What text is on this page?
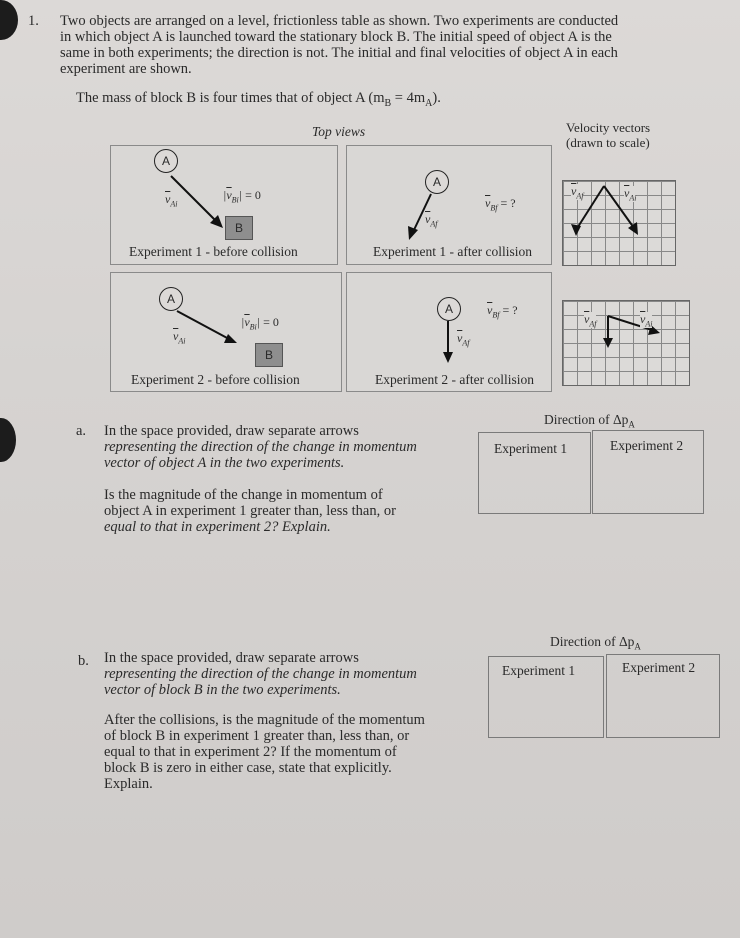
1. Two objects are arranged on a level, frictionless table as shown. Two experiments are conducted
in which object A is launched toward the stationary block B. The initial speed of object A is the
same in both experiments; the direction is not. The initial and final velocities of object A in each
experiment are shown.
The mass of block B is four times that of object A $(m_B = 4m_A)$.
Top views	Velocity vectors
(drawn to scale)
A
$\overline{v}_{Ai}$
$|\overline{v}_{Bi}| = 0$
B
Experiment 1 - before collision
A
$\overline{v}_{Af}$
$\overline{v}_{Bf}$ = ?
Experiment 1 - after collision
$\overline{v}_{Af}$	$\overline{v}_{Ai}$
A
$\overline{v}_{Ai}$
$|\overline{v}_{Bi}| = 0$
B
Experiment 2 - before collision
A
$\overline{v}_{Af}$
$\overline{v}_{Bf}$ = ?
Experiment 2 - after collision
$\overline{v}_{Af}$	$\overline{v}_{Ai}$
a. In the space provided, draw separate arrows
representing the direction of the change in momentum
vector of object A in the two experiments.
Is the magnitude of the change in momentum of
object A in experiment 1 greater than, less than, or
equal to that in experiment 2? Explain.
Direction of $\Delta p_A$
Experiment 1	Experiment 2
b. In the space provided, draw separate arrows
representing the direction of the change in momentum
vector of block B in the two experiments.
After the collisions, is the magnitude of the momentum
of block B in experiment 1 greater than, less than, or
equal to that in experiment 2? If the momentum of
block B is zero in either case, state that explicitly.
Explain.
Direction of $\Delta p_A$
Experiment 1	Experiment 2
